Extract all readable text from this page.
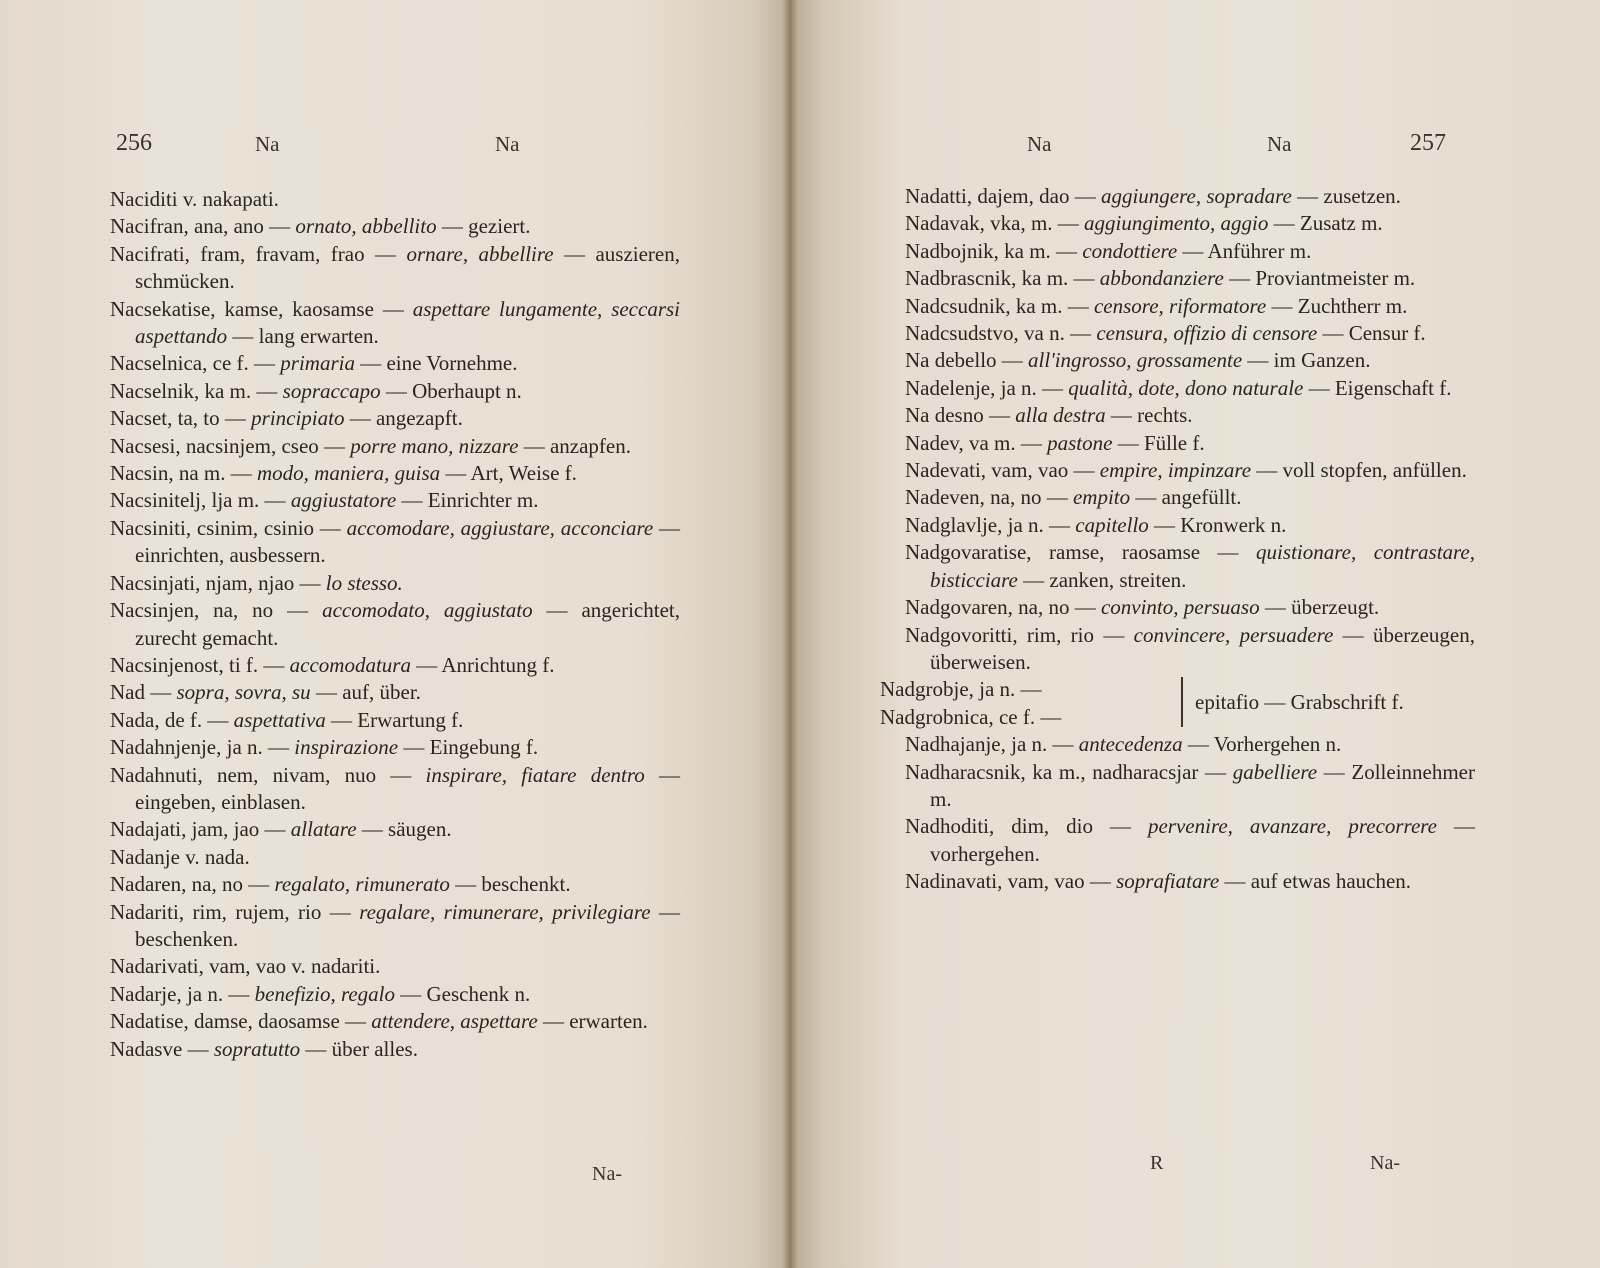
256	Na	Na	Na	Na	257
Naciditi v. nakapati.
Nacifran, ana, ano — ornato, abbellito — geziert.
Nacifrati, fram, fravam, frao — ornare, abbellire — auszieren, schmücken.
Nacsekatise, kamse, kaosamse — aspettare lungamente, seccarsi aspettando — lang erwarten.
Nacselnica, ce f. — primaria — eine Vornehme.
Nacselnik, ka m. — sopraccapo — Oberhaupt n.
Nacset, ta, to — principiato — angezapft.
Nacsesi, nacsinjem, cseo — porre mano, nizzare — anzapfen.
Nacsin, na m. — modo, maniera, guisa — Art, Weise f.
Nacsinitelj, lja m. — aggiustatore — Einrichter m.
Nacsiniti, csinim, csinio — accomodare, aggiustare, acconciare — einrichten, ausbessern.
Nacsinjati, njam, njao — lo stesso.
Nacsinjen, na, no — accomodato, aggiustato — angerichtet, zurecht gemacht.
Nacsinjenost, ti f. — accomodatura — Anrichtung f.
Nad — sopra, sovra, su — auf, über.
Nada, de f. — aspettativa — Erwartung f.
Nadahnjenje, ja n. — inspirazione — Eingebung f.
Nadahnuti, nem, nivam, nuo — inspirare, fiatare dentro — eingeben, einblasen.
Nadajati, jam, jao — allatare — säugen.
Nadanje v. nada.
Nadaren, na, no — regalato, rimunerato — beschenkt.
Nadariti, rim, rujem, rio — regalare, rimunerare, privilegiare — beschenken.
Nadarivati, vam, vao v. nadariti.
Nadarje, ja n. — benefizio, regalo — Geschenk n.
Nadatise, damse, daosamse — attendere, aspettare — erwarten.
Nadasve — sopratutto — über alles.
Nadatti, dajem, dao — aggiungere, sopradare — zusetzen.
Nadavak, vka, m. — aggiungimento, aggio — Zusatz m.
Nadbojnik, ka m. — condottiere — Anführer m.
Nadbrascnik, ka m. — abbondanziere — Proviantmeister m.
Nadcsudnik, ka m. — censore, riformatore — Zuchtherr m.
Nadcsudstvo, va n. — censura, offizio di censore — Censur f.
Na debello — all'ingrosso, grossamente — im Ganzen.
Nadelenje, ja n. — qualità, dote, dono naturale — Eigenschaft f.
Na desno — alla destra — rechts.
Nadev, va m. — pastone — Fülle f.
Nadevati, vam, vao — empire, impinzare — voll stopfen, anfüllen.
Nadeven, na, no — empito — angefüllt.
Nadglavlje, ja n. — capitello — Kronwerk n.
Nadgovaratise, ramse, raosamse — quistionare, contrastare, bisticciare — zanken, streiten.
Nadgovaren, na, no — convinto, persuaso — überzeugt.
Nadgovoritti, rim, rio — convincere, persuadere — überzeugen, überweisen.
Nadgrobje, ja n. —
Nadgrobnica, ce f. —
epitafio — Grabschrift f.
Nadhajanje, ja n. — antecedenza — Vorhergehen n.
Nadharacsnik, ka m., nadharacsjar — gabelliere — Zolleinnehmer m.
Nadhoditi, dim, dio — pervenire, avanzare, precorrere — vorhergehen.
Nadinavati, vam, vao — soprafiatare — auf etwas hauchen.
Na-	R	Na-
